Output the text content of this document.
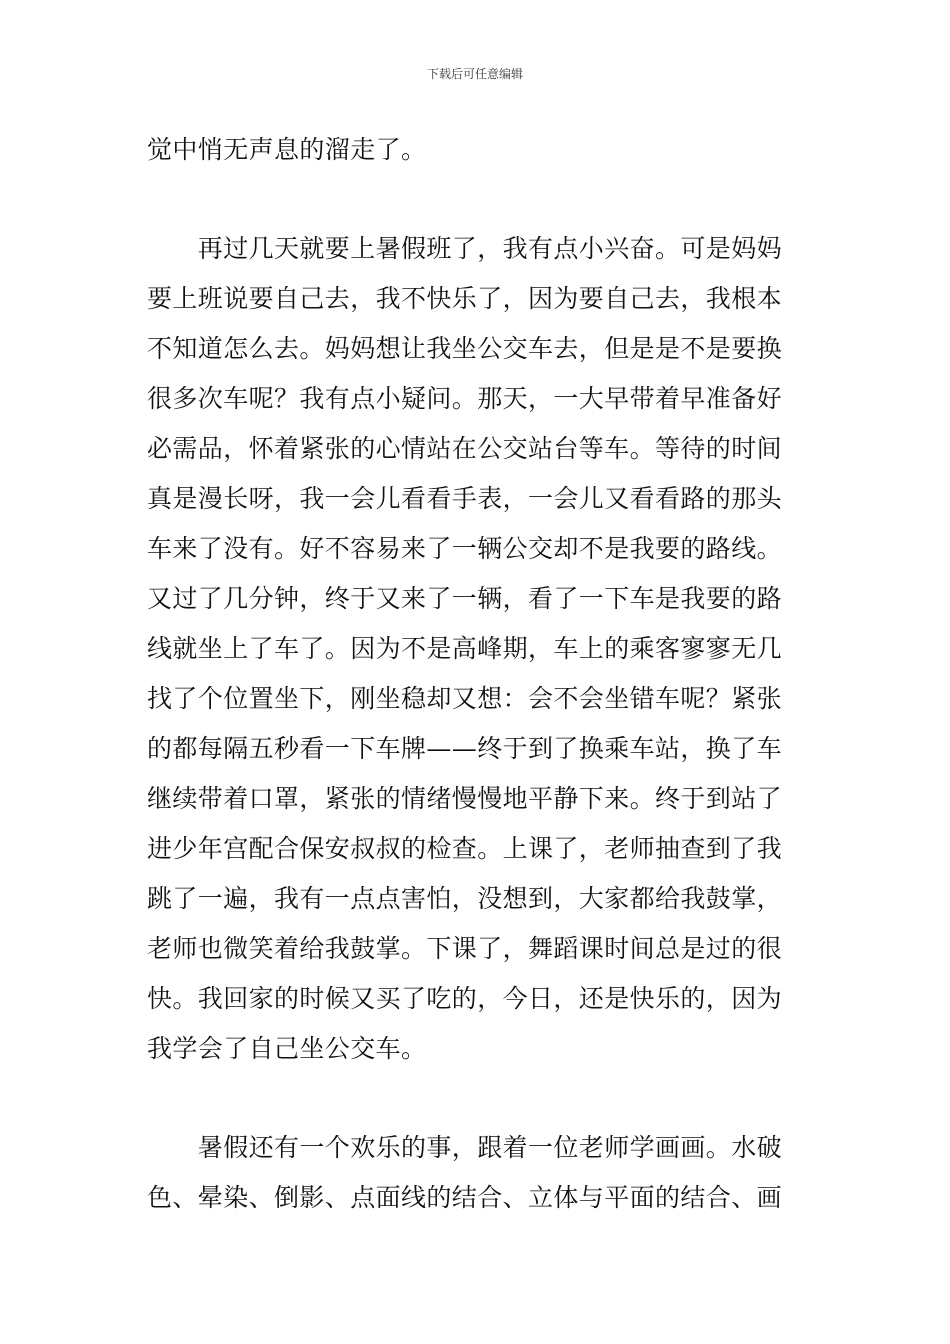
下载后可任意编辑
觉中悄无声息的溜走了。
　　再过几天就要上暑假班了，我有点小兴奋。可是妈妈
要上班说要自己去，我不快乐了，因为要自己去，我根本
不知道怎么去。妈妈想让我坐公交车去，但是是不是要换
很多次车呢？我有点小疑问。那天，一大早带着早准备好
必需品，怀着紧张的心情站在公交站台等车。等待的时间
真是漫长呀，我一会儿看看手表，一会儿又看看路的那头
车来了没有。好不容易来了一辆公交却不是我要的路线。
又过了几分钟，终于又来了一辆，看了一下车是我要的路
线就坐上了车了。因为不是高峰期，车上的乘客寥寥无几
找了个位置坐下，刚坐稳却又想：会不会坐错车呢？紧张
的都每隔五秒看一下车牌——终于到了换乘车站，换了车
继续带着口罩，紧张的情绪慢慢地平静下来。终于到站了
进少年宫配合保安叔叔的检查。上课了，老师抽查到了我
跳了一遍，我有一点点害怕，没想到，大家都给我鼓掌，
老师也微笑着给我鼓掌。下课了，舞蹈课时间总是过的很
快。我回家的时候又买了吃的，今日，还是快乐的，因为
我学会了自己坐公交车。
　　暑假还有一个欢乐的事，跟着一位老师学画画。水破
色、晕染、倒影、点面线的结合、立体与平面的结合、画
